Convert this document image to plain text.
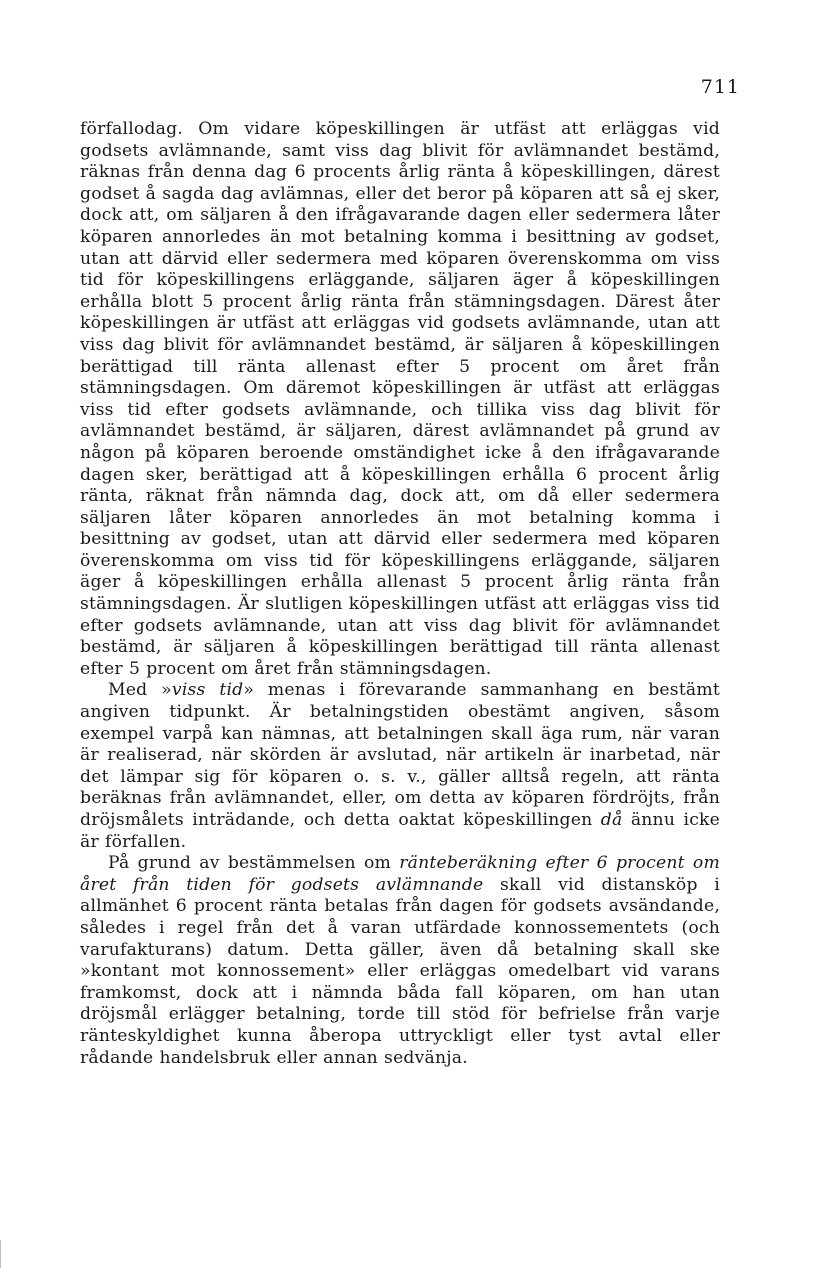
711

förfallodag. Om vidare köpeskillingen är utfäst att erläggas vid godsets avlämnande, samt viss dag blivit för avlämnandet bestämd, räknas från denna dag 6 procents årlig ränta å köpeskillingen, därest godset å sagda dag avlämnas, eller det beror på köparen att så ej sker, dock att, om säljaren å den ifrågavarande dagen eller sedermera låter köparen annorledes än mot betalning komma i besittning av godset, utan att därvid eller sedermera med köparen överenskomma om viss tid för köpeskillingens erläggande, säljaren äger å köpeskillingen erhålla blott 5 procent årlig ränta från stämningsdagen. Därest åter köpeskillingen är utfäst att erläggas vid godsets avlämnande, utan att viss dag blivit för avlämnandet bestämd, är säljaren å köpeskillingen berättigad till ränta allenast efter 5 procent om året från stämningsdagen. Om däremot köpeskillingen är utfäst att erläggas viss tid efter godsets avlämnande, och tillika viss dag blivit för avlämnandet bestämd, är säljaren, därest avlämnandet på grund av någon på köparen beroende omständighet icke å den ifrågavarande dagen sker, berättigad att å köpeskillingen erhålla 6 procent årlig ränta, räknat från nämnda dag, dock att, om då eller sedermera säljaren låter köparen annorledes än mot betalning komma i besittning av godset, utan att därvid eller sedermera med köparen överenskomma om viss tid för köpeskillingens erläggande, säljaren äger å köpeskillingen erhålla allenast 5 procent årlig ränta från stämningsdagen. Är slutligen köpeskillingen utfäst att erläggas viss tid efter godsets avlämnande, utan att viss dag blivit för avlämnandet bestämd, är säljaren å köpeskillingen berättigad till ränta allenast efter 5 procent om året från stämningsdagen.

Med »viss tid» menas i förevarande sammanhang en bestämt angiven tidpunkt. Är betalningstiden obestämt angiven, såsom exempel varpå kan nämnas, att betalningen skall äga rum, när varan är realiserad, när skörden är avslutad, när artikeln är inarbetad, när det lämpar sig för köparen o. s. v., gäller alltså regeln, att ränta beräknas från avlämnandet, eller, om detta av köparen fördröjts, från dröjsmålets inträdande, och detta oaktat köpeskillingen då ännu icke är förfallen.

På grund av bestämmelsen om ränteberäkning efter 6 procent om året från tiden för godsets avlämnande skall vid distansköp i allmänhet 6 procent ränta betalas från dagen för godsets avsändande, således i regel från det å varan utfärdade konnossementets (och varufakturans) datum. Detta gäller, även då betalning skall ske »kontant mot konnossement» eller erläggas omedelbart vid varans framkomst, dock att i nämnda båda fall köparen, om han utan dröjsmål erlägger betalning, torde till stöd för befrielse från varje ränteskyldighet kunna åberopa uttryckligt eller tyst avtal eller rådande handelsbruk eller annan sedvänja.
